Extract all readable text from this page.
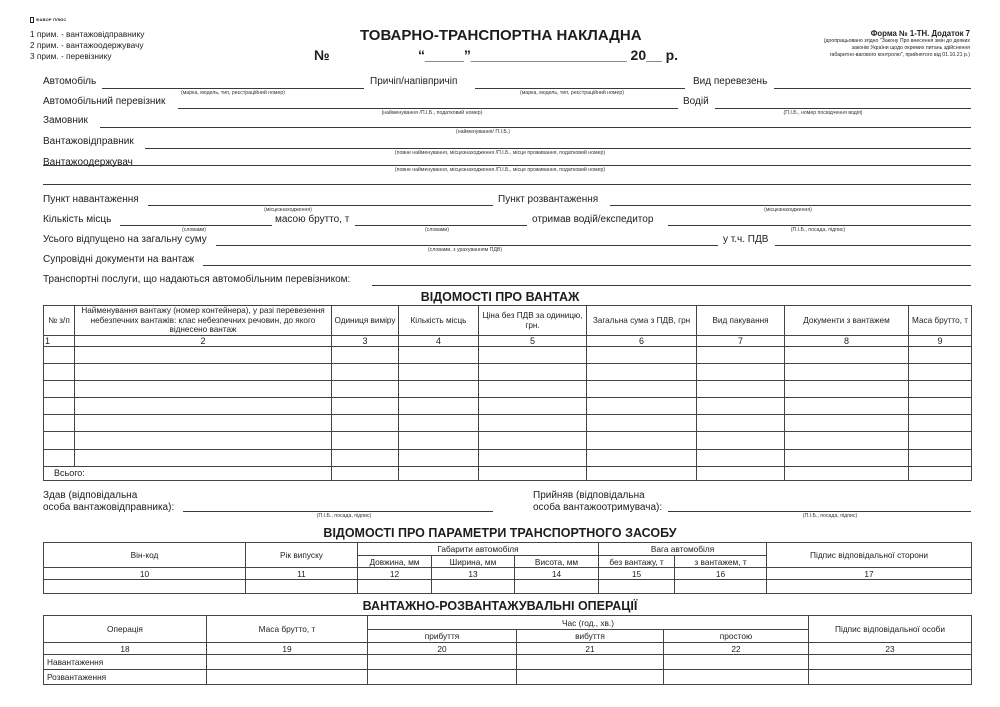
ФАВОР ПЛЮС
1 прим. - вантажовідправнику
2 прим. - вантажоодержувачу
3 прим. - перевізнику
ТОВАРНО-ТРАНСПОРТНА НАКЛАДНА
№	“_____”____________________ 20__ р.
Форма № 1-ТН. Додаток 7
(доопрацьовано згідно "Закону Про внесення змін до деяких
законів України щодо окремих питань здійснення
габаритно-вагового контролю", прийнятого від 01.10.21 р.)
Автомобіль
(марка, модель, тип, реєстраційний номер)
Причіп/напівпричіп
(марка, модель, тип, реєстраційний номер)
Вид перевезень
Автомобільний перевізник
(найменування /П.І.Б., податковий номер)
Водій
(П.І.Б., номер посвідчення водія)
Замовник
(найменування/ П.І.Б.)
Вантажовідправник
(повне найменування, місцезнаходження /П.І.Б., місце проживання, податковий номер)
Вантажоодержувач
(повне найменування, місцезнаходження /П.І.Б., місце проживання, податковий номер)
Пункт навантаження
(місцезнаходження)
Пункт розвантаження
(місцезнаходження)
Кількість місць
(словами)
масою брутто, т
(словами)
отримав водій/експедитор
(П.І.Б., посада, підпис)
Усього відпущено на загальну суму
(словами, з урахуванням ПДВ)
у т.ч. ПДВ
Супровідні документи на вантаж
Транспортні послуги, що надаються автомобільним перевізником:
ВІДОМОСТІ ПРО ВАНТАЖ
№ з/п	Найменування вантажу (номер контейнера), у разі перевезення небезпечних вантажів: клас небезпечних речовин, до якого віднесено вантаж	Одиниця виміру	Кількість місць	Ціна без ПДВ за одиницю, грн.	Загальна сума з ПДВ, грн	Вид пакування	Документи з вантажем	Маса брутто, т
1	2	3	4	5	6	7	8	9

Всього:								
Здав (відповідальна
особа вантажовідправника):
(П.І.Б., посада, підпис)
Прийняв (відповідальна
особа вантажоотримувача):
(П.І.Б., посада, підпис)
ВІДОМОСТІ ПРО ПАРАМЕТРИ ТРАНСПОРТНОГО ЗАСОБУ
Він-код	Рік випуску	Габарити автомобіля			Вага автомобіля		Підпис відповідальної сторони
		Довжина, мм	Ширина, мм	Висота, мм	без вантажу, т	з вантажем, т	
10	11	12	13	14	15	16	17

ВАНТАЖНО-РОЗВАНТАЖУВАЛЬНІ ОПЕРАЦІЇ
Операція	Маса брутто, т	Час (год., хв.)			Підпис відповідальної особи
		прибуття	вибуття	простою	
18	19	20	21	22	23
Навантаження					
Розвантаження					
